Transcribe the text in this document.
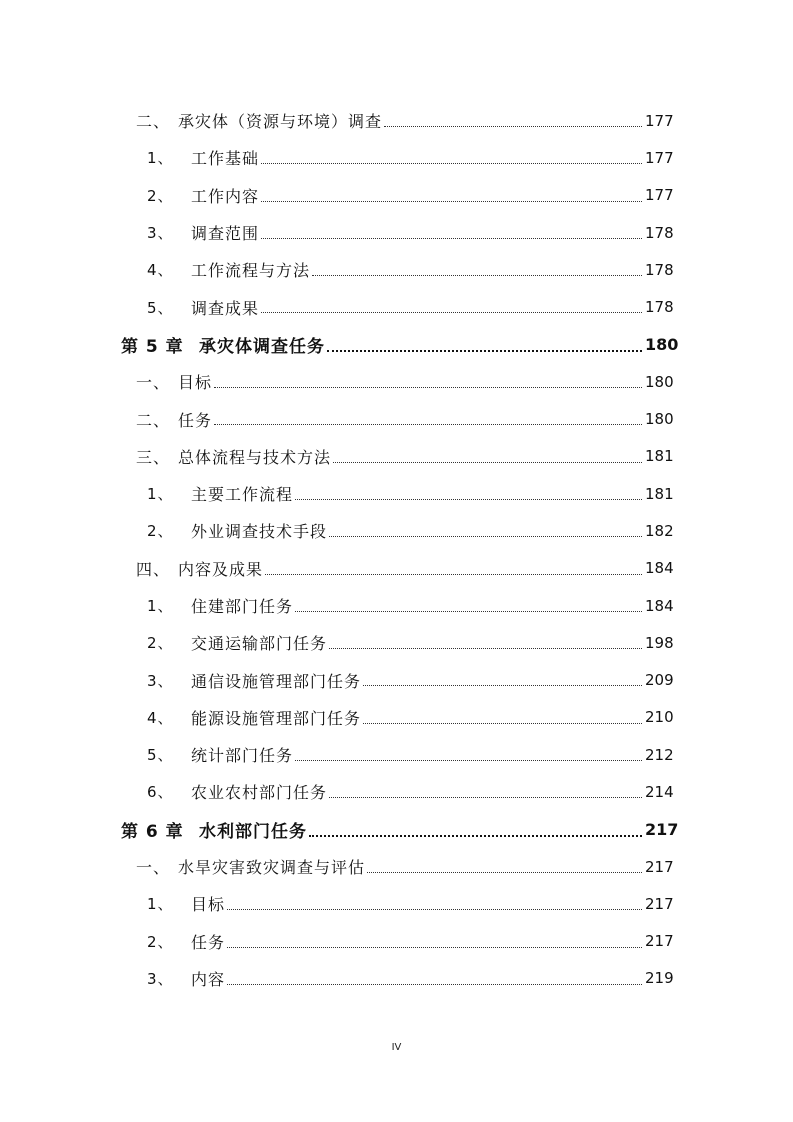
二、 承灾体（资源与环境）调查	177
1、	工作基础	177
2、	工作内容	177
3、	调查范围	178
4、	工作流程与方法	178
5、	调查成果	178
第 5 章 承灾体调查任务	180
一、 目标	180
二、 任务	180
三、 总体流程与技术方法	181
1、	主要工作流程	181
2、	外业调查技术手段	182
四、 内容及成果	184
1、	住建部门任务	184
2、	交通运输部门任务	198
3、	通信设施管理部门任务	209
4、	能源设施管理部门任务	210
5、	统计部门任务	212
6、	农业农村部门任务	214
第 6 章 水利部门任务	217
一、 水旱灾害致灾调查与评估	217
1、	目标	217
2、	任务	217
3、	内容	219
IV
